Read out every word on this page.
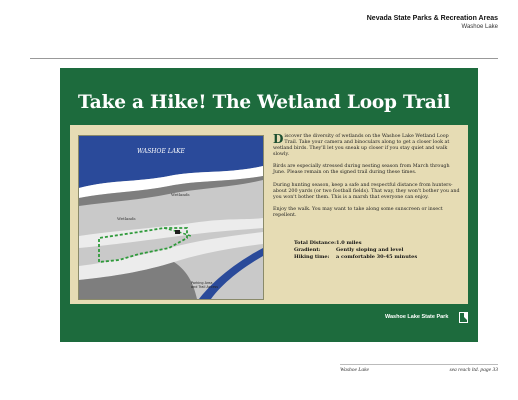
Nevada State Parks & Recreation Areas
Washoe Lake
Take a Hike! The Wetland Loop Trail
WASHOE LAKE
Wetlands
Wetlands
Parking Area
and Trail Access

Discover the diversity of wetlands on the Washoe Lake Wetland Loop Trail. Take your camera and binoculars along to get a closer look at wetland birds. They'll let you sneak up closer if you stay quiet and walk slowly.

Birds are especially stressed during nesting season from March through June. Please remain on the signed trail during these times.

During hunting season, keep a safe and respectful distance from hunters-about 200 yards (or two football fields). That way, they won't bother you and you won't bother them. This is a marsh that everyone can enjoy.

Enjoy the walk. You may want to take along some sunscreen or insect repellent.

Total Distance: 1.0 miles
Gradient:	Gently sloping and level
Hiking time:	a comfortable 30-45 minutes
Washoe Lake State Park
Washoe Lake	sea reach ltd. page 33
